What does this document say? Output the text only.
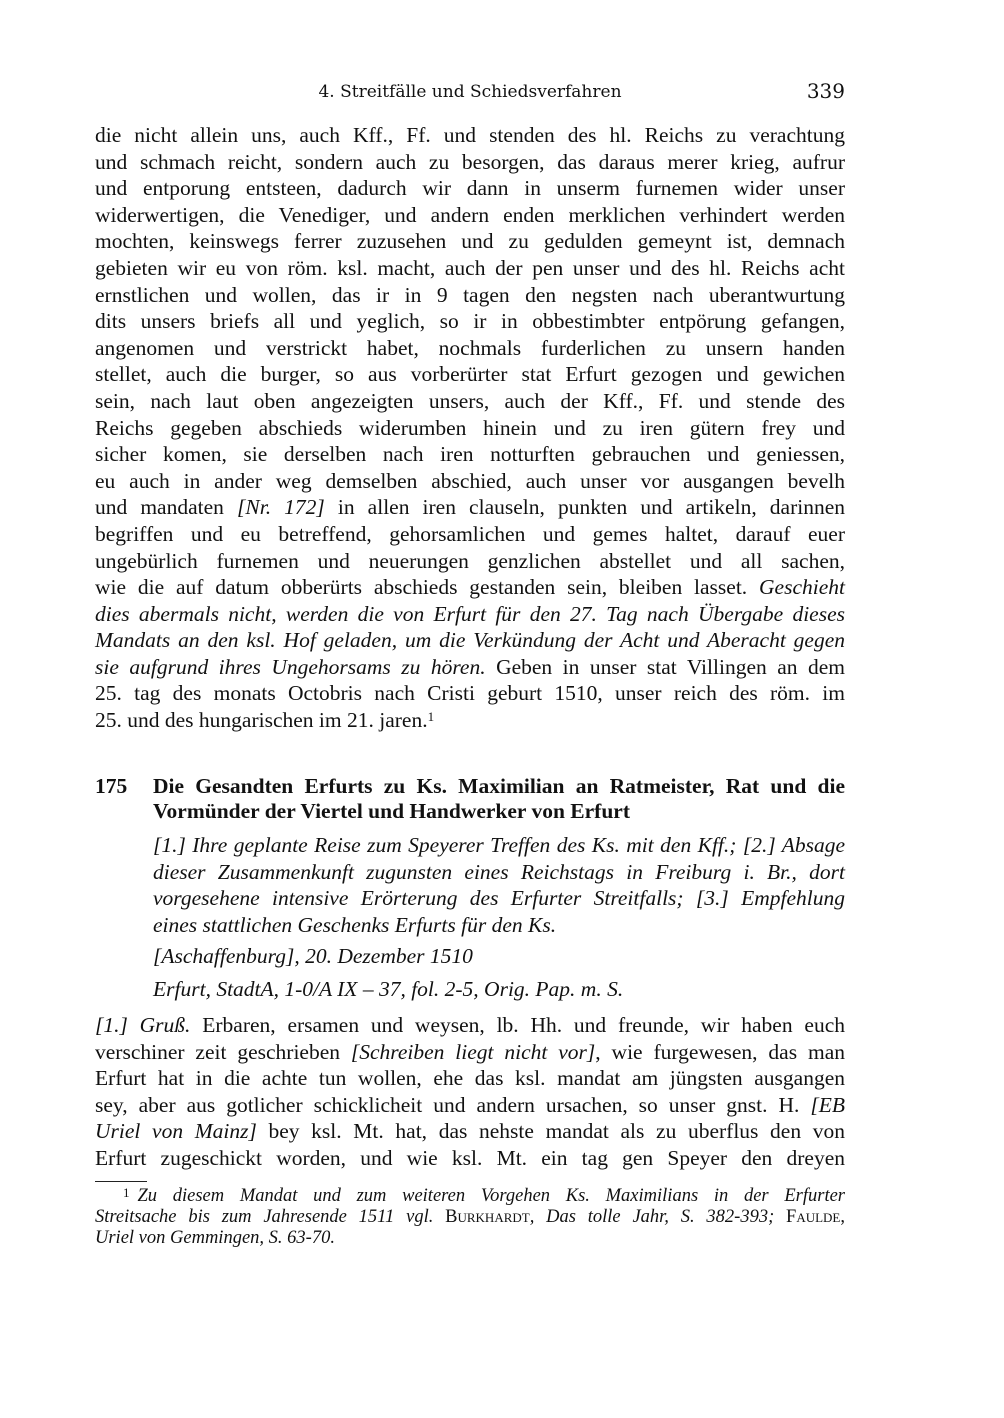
4. Streitfälle und Schiedsverfahren	339
die nicht allein uns, auch Kff., Ff. und stenden des hl. Reichs zu verachtung
und schmach reicht, sondern auch zu besorgen, das daraus merer krieg, aufrur
und entporung entsteen, dadurch wir dann in unserm furnemen wider unser
widerwertigen, die Venediger, und andern enden merklichen verhindert werden
mochten, keinswegs ferrer zuzusehen und zu gedulden gemeynt ist, demnach
gebieten wir eu von röm. ksl. macht, auch der pen unser und des hl. Reichs acht
ernstlichen und wollen, das ir in 9 tagen den negsten nach uberantwurtung
dits unsers briefs all und yeglich, so ir in obbestimbter entpörung gefangen,
angenomen und verstrickt habet, nochmals furderlichen zu unsern handen
stellet, auch die burger, so aus vorberürter stat Erfurt gezogen und gewichen
sein, nach laut oben angezeigten unsers, auch der Kff., Ff. und stende des
Reichs gegeben abschieds widerumben hinein und zu iren gütern frey und
sicher komen, sie derselben nach iren notturften gebrauchen und geniessen,
eu auch in ander weg demselben abschied, auch unser vor ausgangen bevelh
und mandaten [Nr. 172] in allen iren clauseln, punkten und artikeln, darinnen
begriffen und eu betreffend, gehorsamlichen und gemes haltet, darauf euer
ungebürlich furnemen und neuerungen genzlichen abstellet und all sachen,
wie die auf datum obberürts abschieds gestanden sein, bleiben lasset. Geschieht
dies abermals nicht, werden die von Erfurt für den 27. Tag nach Übergabe dieses
Mandats an den ksl. Hof geladen, um die Verkündung der Acht und Aberacht gegen
sie aufgrund ihres Ungehorsams zu hören. Geben in unser stat Villingen an dem
25. tag des monats Octobris nach Cristi geburt 1510, unser reich des röm. im
25. und des hungarischen im 21. jaren.$^1$
175 Die Gesandten Erfurts zu Ks. Maximilian an Ratmeister, Rat und die
Vormünder der Viertel und Handwerker von Erfurt
[1.] Ihre geplante Reise zum Speyerer Treffen des Ks. mit den Kff.; [2.] Absage
dieser Zusammenkunft zugunsten eines Reichstags in Freiburg i. Br., dort
vorgesehene intensive Erörterung des Erfurter Streitfalls; [3.] Empfehlung
eines stattlichen Geschenks Erfurts für den Ks.
[Aschaffenburg], 20. Dezember 1510
Erfurt, StadtA, 1-0/A IX – 37, fol. 2-5, Orig. Pap. m. S.
[1.] Gruß. Erbaren, ersamen und weysen, lb. Hh. und freunde, wir haben euch
verschiner zeit geschrieben [Schreiben liegt nicht vor], wie furgewesen, das man
Erfurt hat in die achte tun wollen, ehe das ksl. mandat am jüngsten ausgangen
sey, aber aus gotlicher schicklicheit und andern ursachen, so unser gnst. H. [EB
Uriel von Mainz] bey ksl. Mt. hat, das nehste mandat als zu uberflus den von
Erfurt zugeschickt worden, und wie ksl. Mt. ein tag gen Speyer den dreyen
$^1$ Zu diesem Mandat und zum weiteren Vorgehen Ks. Maximilians in der Erfurter
Streitsache bis zum Jahresende 1511 vgl. Burkhardt, Das tolle Jahr, S. 382-393; Faulde,
Uriel von Gemmingen, S. 63-70.
